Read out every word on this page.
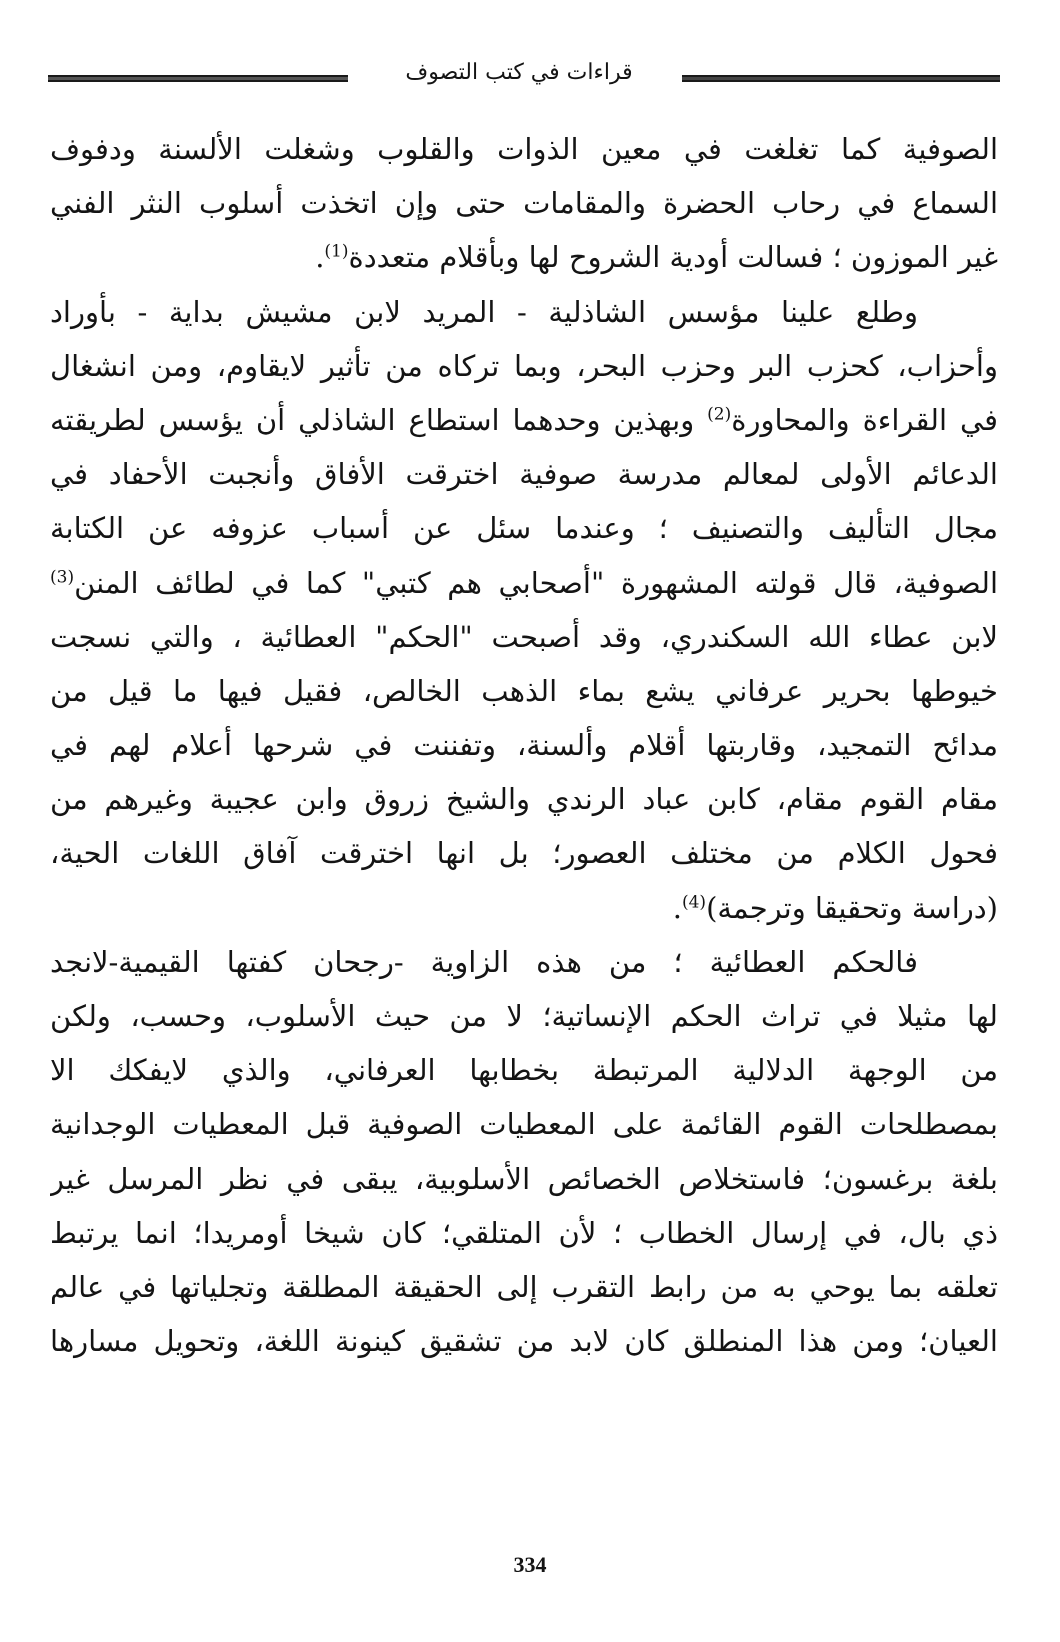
قراءات في كتب التصوف
الصوفية كما تغلغت في معين الذوات والقلوب وشغلت الألسنة ودفوف
السماع في رحاب الحضرة والمقامات حتى وإن اتخذت أسلوب النثر الفني
غير الموزون ؛ فسالت أودية الشروح لها وبأقلام متعددة$^{(1)}$.
وطلع علينا مؤسس الشاذلية - المريد لابن مشيش بداية - بأوراد
وأحزاب، كحزب البر وحزب البحر، وبما تركاه من تأثير لايقاوم، ومن انشغال
في القراءة والمحاورة$^{(2)}$ وبهذين وحدهما استطاع الشاذلي أن يؤسس لطريقته
الدعائم الأولى لمعالم مدرسة صوفية اخترقت الأفاق وأنجبت الأحفاد في
مجال التأليف والتصنيف ؛ وعندما سئل عن أسباب عزوفه عن الكتابة
الصوفية، قال قولته المشهورة "أصحابي هم كتبي" كما في لطائف المنن$^{(3)}$
لابن عطاء الله السكندري، وقد أصبحت "الحكم" العطائية ، والتي نسجت
خيوطها بحرير عرفاني يشع بماء الذهب الخالص، فقيل فيها ما قيل من
مدائح التمجيد، وقاربتها أقلام وألسنة، وتفننت في شرحها أعلام لهم في
مقام القوم مقام، كابن عباد الرندي والشيخ زروق وابن عجيبة وغيرهم من
فحول الكلام من مختلف العصور؛ بل انها اخترقت آفاق اللغات الحية،
(دراسة وتحقيقا وترجمة)$^{(4)}$.
فالحكم العطائية ؛ من هذه الزاوية -رجحان كفتها القيمية-لانجد
لها مثيلا في تراث الحكم الإنساتية؛ لا من حيث الأسلوب، وحسب، ولكن
من الوجهة الدلالية المرتبطة بخطابها العرفاني، والذي لايفكك الا
بمصطلحات القوم القائمة على المعطيات الصوفية قبل المعطيات الوجدانية
بلغة برغسون؛ فاستخلاص الخصائص الأسلوبية، يبقى في نظر المرسل غير
ذي بال، في إرسال الخطاب ؛ لأن المتلقي؛ كان شيخا أومريدا؛ انما يرتبط
تعلقه بما يوحي به من رابط التقرب إلى الحقيقة المطلقة وتجلياتها في عالم
العيان؛ ومن هذا المنطلق كان لابد من تشقيق كينونة اللغة، وتحويل مسارها
334
